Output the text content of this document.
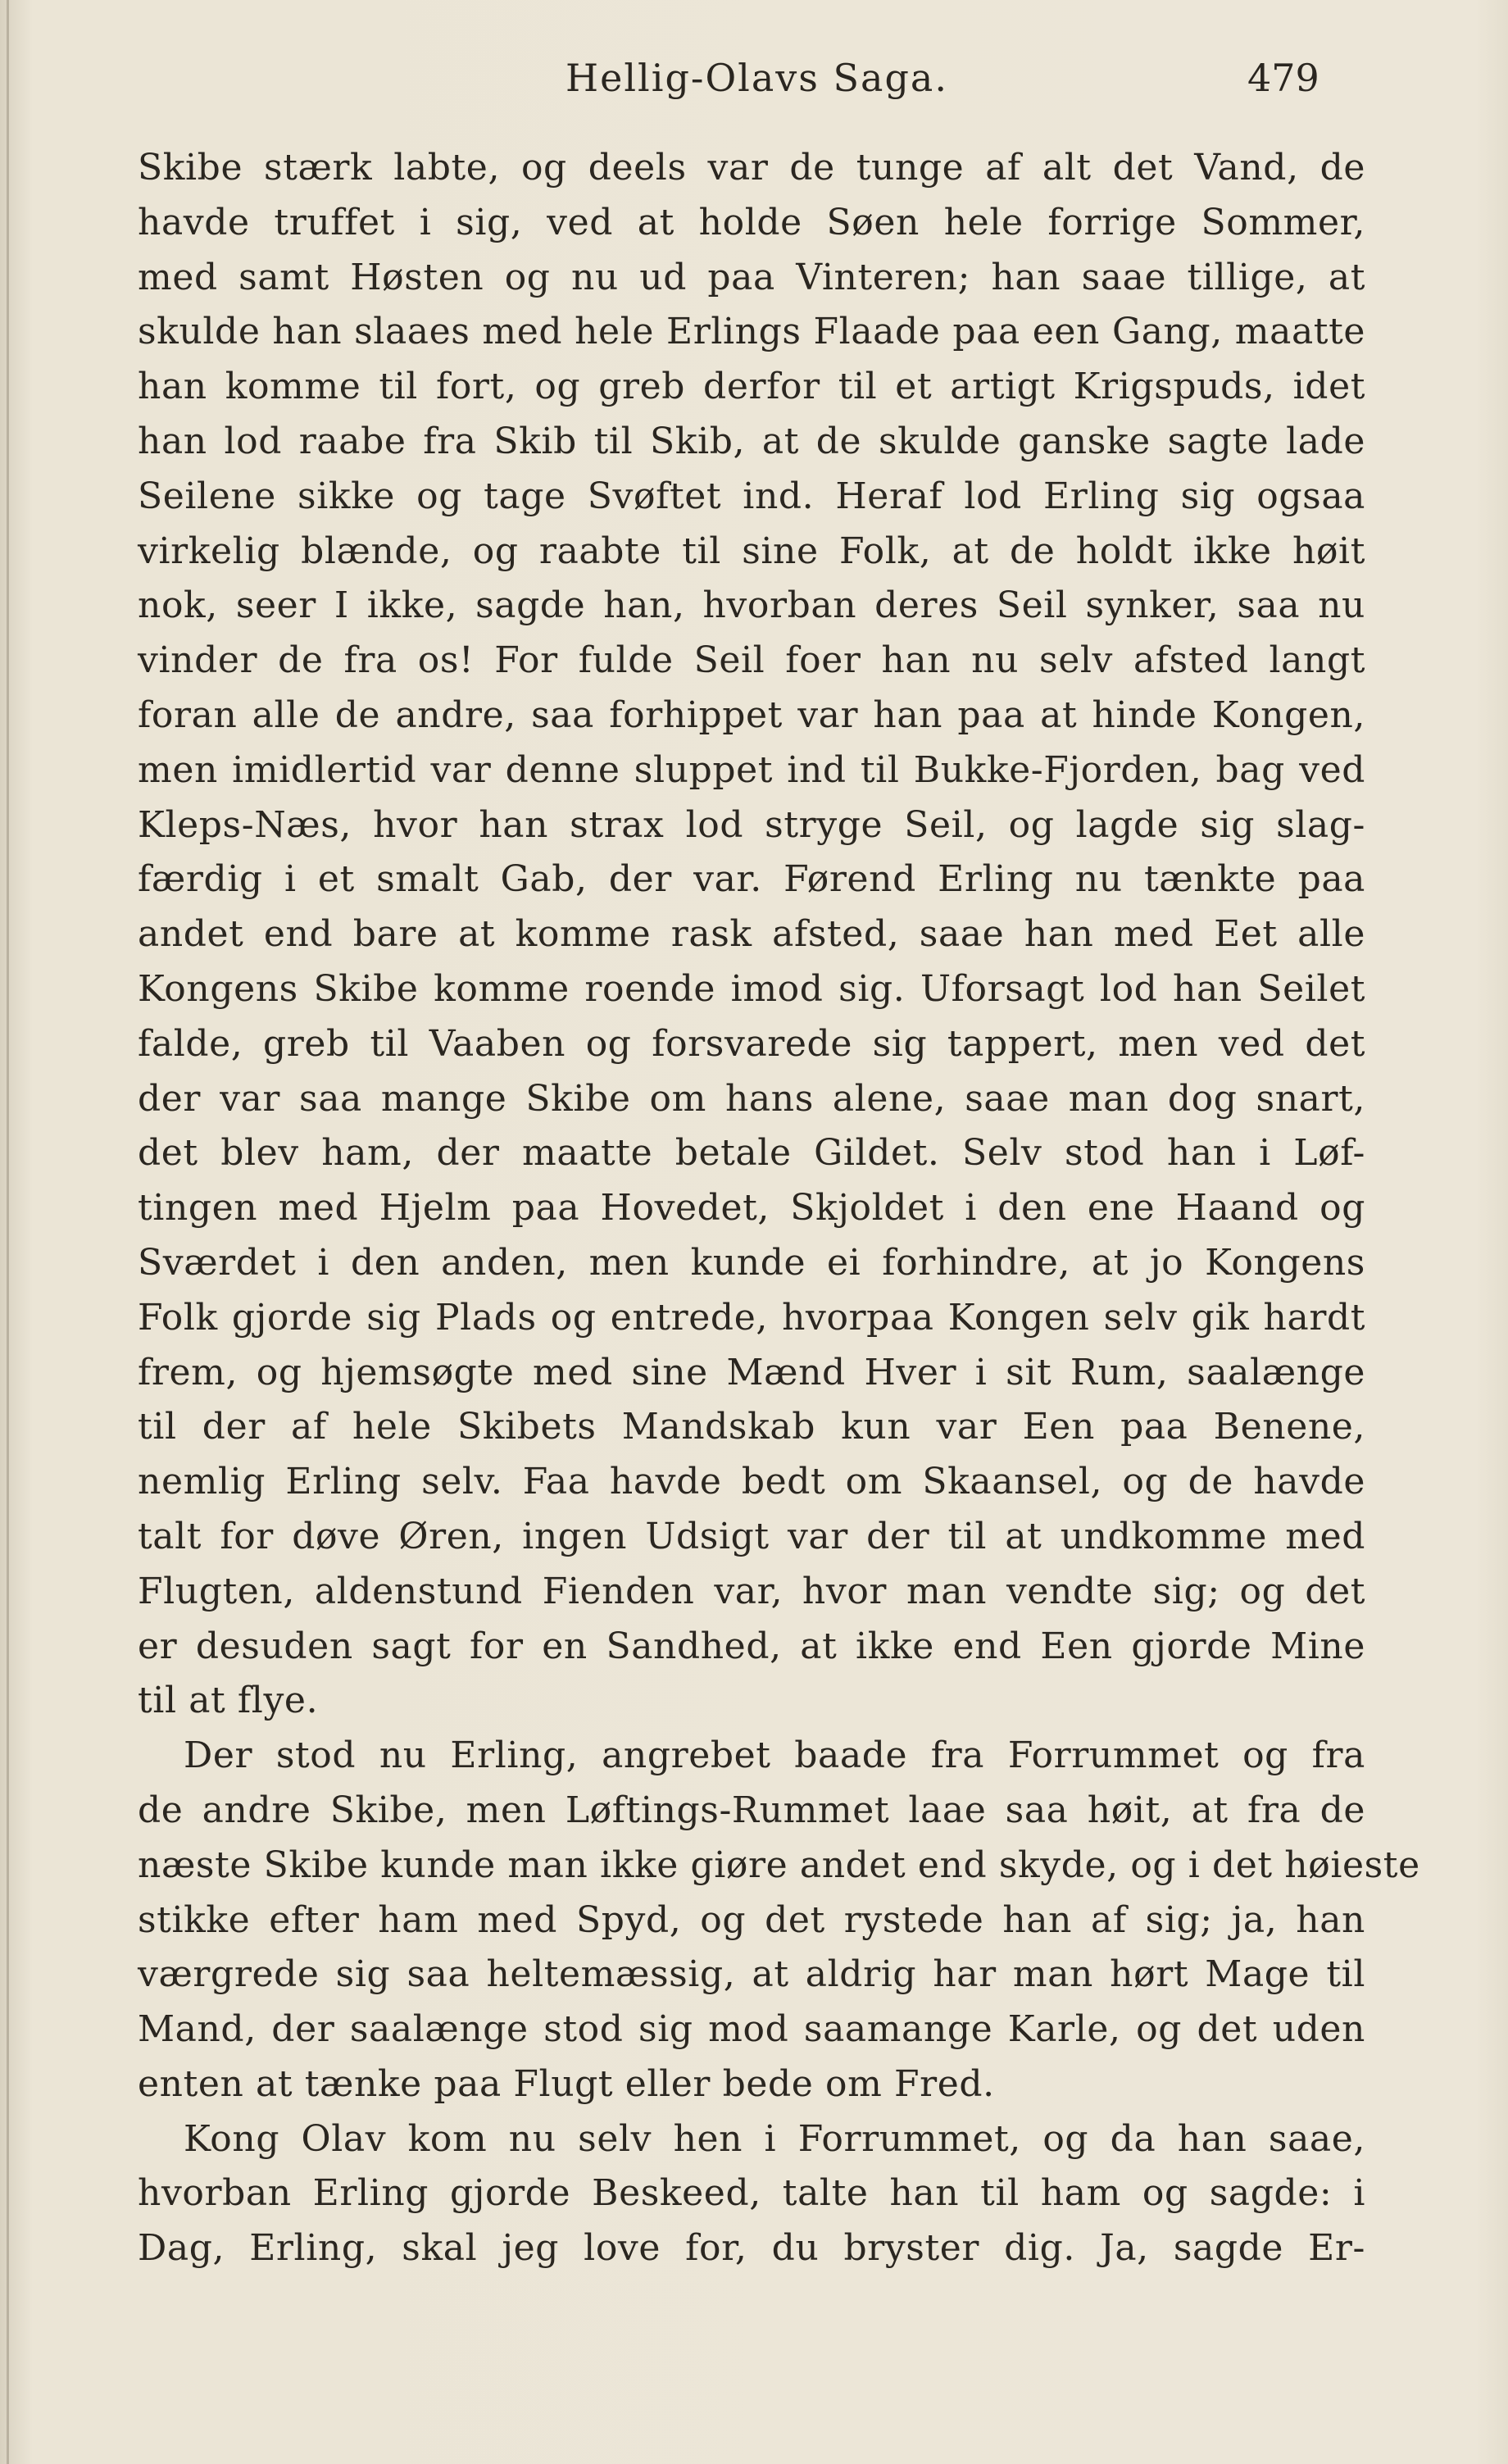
Hellig-Olavs Saga.	479
Skibe stærk labte, og deels var de tunge af alt det Vand, de
havde truffet i sig, ved at holde Søen hele forrige Sommer,
med samt Høsten og nu ud paa Vinteren; han saae tillige, at
skulde han slaaes med hele Erlings Flaade paa een Gang, maatte
han komme til fort, og greb derfor til et artigt Krigspuds, idet
han lod raabe fra Skib til Skib, at de skulde ganske sagte lade
Seilene sikke og tage Svøftet ind. Heraf lod Erling sig ogsaa
virkelig blænde, og raabte til sine Folk, at de holdt ikke høit
nok, seer I ikke, sagde han, hvorban deres Seil synker, saa nu
vinder de fra os! For fulde Seil foer han nu selv afsted langt
foran alle de andre, saa forhippet var han paa at hinde Kongen,
men imidlertid var denne sluppet ind til Bukke-Fjorden, bag ved
Kleps-Næs, hvor han strax lod stryge Seil, og lagde sig slag-
færdig i et smalt Gab, der var. Førend Erling nu tænkte paa
andet end bare at komme rask afsted, saae han med Eet alle
Kongens Skibe komme roende imod sig. Uforsagt lod han Seilet
falde, greb til Vaaben og forsvarede sig tappert, men ved det
der var saa mange Skibe om hans alene, saae man dog snart,
det blev ham, der maatte betale Gildet. Selv stod han i Løf-
tingen med Hjelm paa Hovedet, Skjoldet i den ene Haand og
Sværdet i den anden, men kunde ei forhindre, at jo Kongens
Folk gjorde sig Plads og entrede, hvorpaa Kongen selv gik hardt
frem, og hjemsøgte med sine Mænd Hver i sit Rum, saalænge
til der af hele Skibets Mandskab kun var Een paa Benene,
nemlig Erling selv. Faa havde bedt om Skaansel, og de havde
talt for døve Øren, ingen Udsigt var der til at undkomme med
Flugten, aldenstund Fienden var, hvor man vendte sig; og det
er desuden sagt for en Sandhed, at ikke end Een gjorde Mine
til at flye.
Der stod nu Erling, angrebet baade fra Forrummet og fra
de andre Skibe, men Løftings-Rummet laae saa høit, at fra de
næste Skibe kunde man ikke giøre andet end skyde, og i det høieste
stikke efter ham med Spyd, og det rystede han af sig; ja, han
værgrede sig saa heltemæssig, at aldrig har man hørt Mage til
Mand, der saalænge stod sig mod saamange Karle, og det uden
enten at tænke paa Flugt eller bede om Fred.
Kong Olav kom nu selv hen i Forrummet, og da han saae,
hvorban Erling gjorde Beskeed, talte han til ham og sagde: i
Dag, Erling, skal jeg love for, du bryster dig. Ja, sagde Er-
